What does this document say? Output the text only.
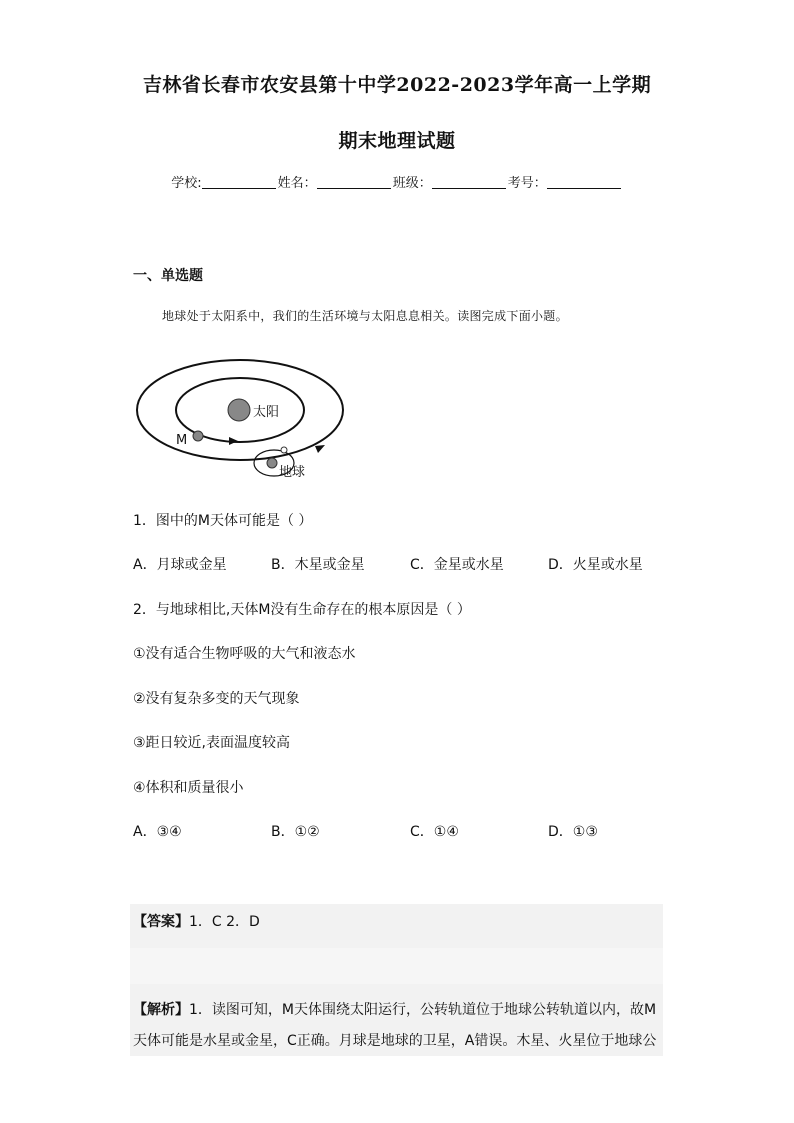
吉林省长春市农安县第十中学2022-2023学年高一上学期
期末地理试题
学校:	姓名：	班级：	考号：
一、单选题
地球处于太阳系中，我们的生活环境与太阳息息相关。读图完成下面小题。
太阳
M
地球
1．图中的M天体可能是（ ）
A．月球或金星	B．木星或金星	C．金星或水星	D．火星或水星
2．与地球相比,天体M没有生命存在的根本原因是（ ）
①没有适合生物呼吸的大气和液态水
②没有复杂多变的天气现象
③距日较近,表面温度较高
④体积和质量很小
A．③④	B．①②	C．①④	D．①③
【答案】1．C 2．D
【解析】1．读图可知，M天体围绕太阳运行，公转轨道位于地球公转轨道以内，故M
天体可能是水星或金星，C正确。月球是地球的卫星，A错误。木星、火星位于地球公
